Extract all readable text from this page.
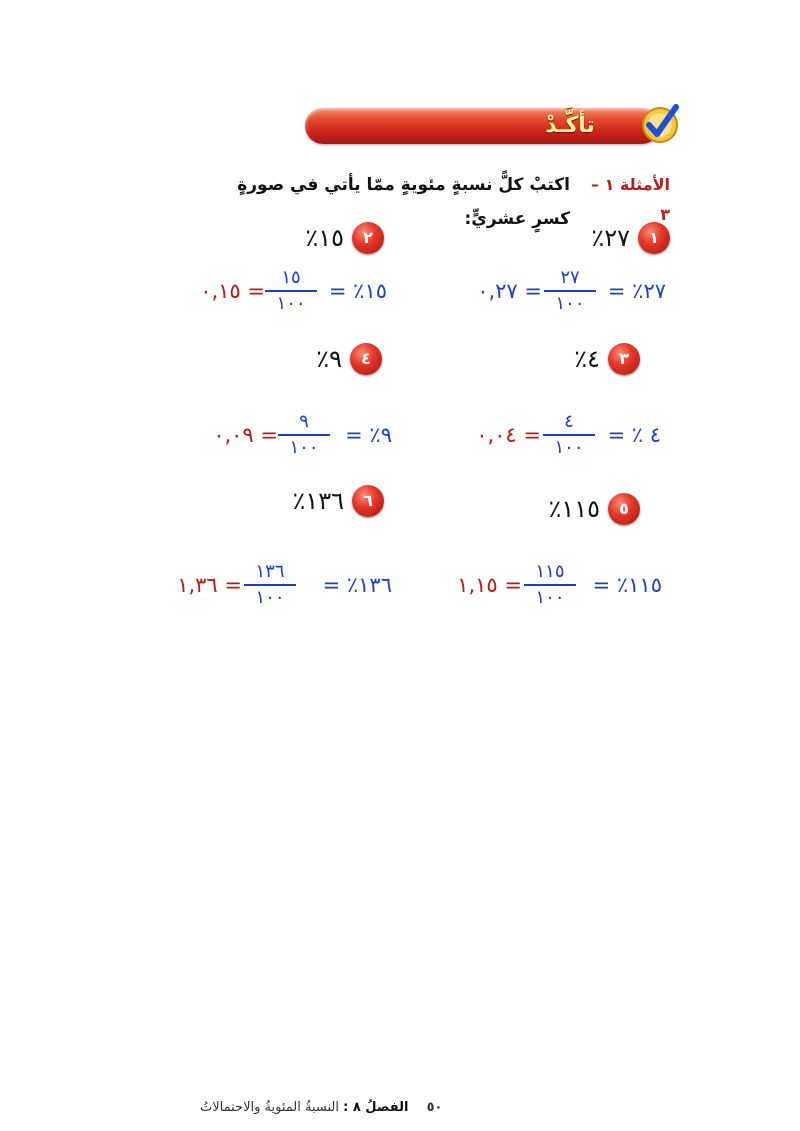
تأكَّـدْ
الأمثلة ١ – ٣
اكتبْ كلًّ نسبةٍ مئويةٍ ممّا يأتي في صورةٍ كسرٍ عشريٍّ:
١
٢٧٪
٢
١٥٪
٢٧٪ =
٢٧
١٠٠
= ٠,٢٧
١٥٪ =
١٥
١٠٠
= ٠,١٥
٣
٤٪
٤
٩٪
٤ ٪ =
٤
١٠٠
= ٠,٠٤
٩٪ =
٩
١٠٠
= ٠,٠٩
٥
١١٥٪
٦
١٣٦٪
١١٥٪ =
١١٥
١٠٠
= ١,١٥
١٣٦٪ =
١٣٦
١٠٠
= ١,٣٦
٥٠ الفصلُ ٨ : النسبةُ المئويةُ والاحتمالاتُ
